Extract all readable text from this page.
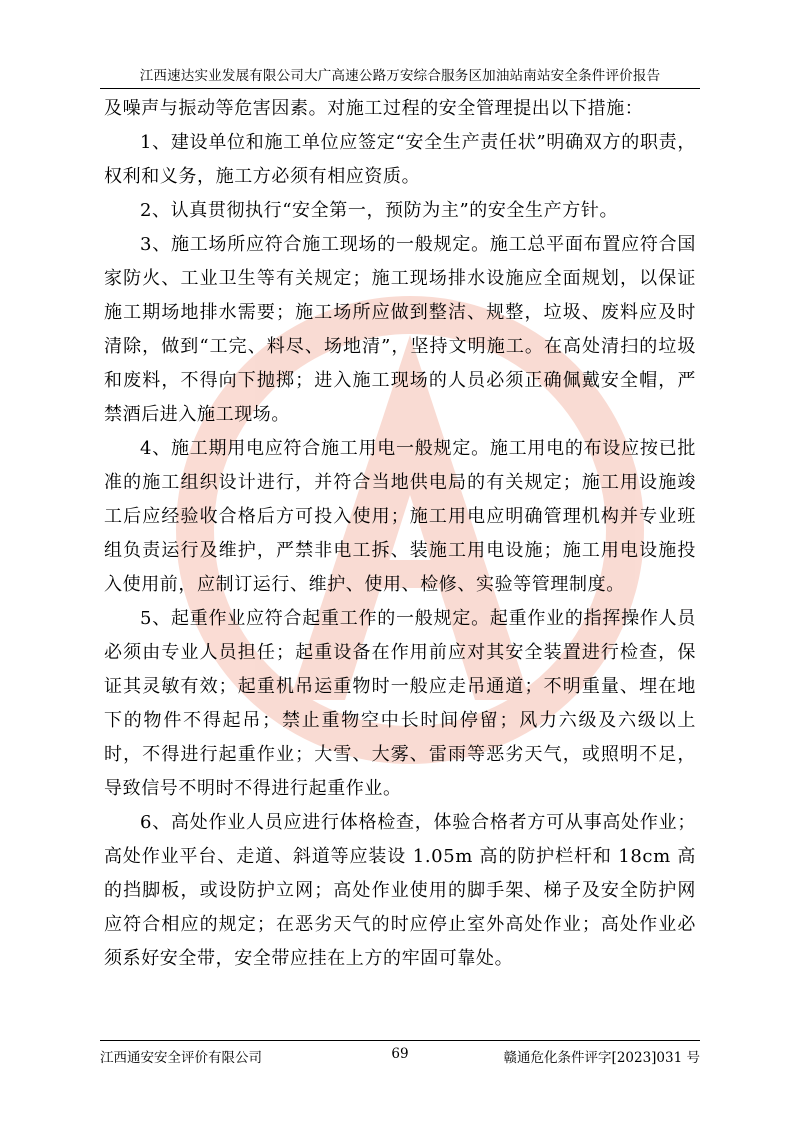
江西速达实业发展有限公司大广高速公路万安综合服务区加油站南站安全条件评价报告

及噪声与振动等危害因素。对施工过程的安全管理提出以下措施：

1、建设单位和施工单位应签定“安全生产责任状”明确双方的职责，权利和义务，施工方必须有相应资质。

2、认真贯彻执行“安全第一，预防为主”的安全生产方针。

3、施工场所应符合施工现场的一般规定。施工总平面布置应符合国家防火、工业卫生等有关规定；施工现场排水设施应全面规划，以保证施工期场地排水需要；施工场所应做到整洁、规整，垃圾、废料应及时清除，做到“工完、料尽、场地清”，坚持文明施工。在高处清扫的垃圾和废料，不得向下抛掷；进入施工现场的人员必须正确佩戴安全帽，严禁酒后进入施工现场。

4、施工期用电应符合施工用电一般规定。施工用电的布设应按已批准的施工组织设计进行，并符合当地供电局的有关规定；施工用设施竣工后应经验收合格后方可投入使用；施工用电应明确管理机构并专业班组负责运行及维护，严禁非电工拆、装施工用电设施；施工用电设施投入使用前，应制订运行、维护、使用、检修、实验等管理制度。

5、起重作业应符合起重工作的一般规定。起重作业的指挥操作人员必须由专业人员担任；起重设备在作用前应对其安全装置进行检查，保证其灵敏有效；起重机吊运重物时一般应走吊通道；不明重量、埋在地下的物件不得起吊；禁止重物空中长时间停留；风力六级及六级以上时，不得进行起重作业；大雪、大雾、雷雨等恶劣天气，或照明不足，导致信号不明时不得进行起重作业。

6、高处作业人员应进行体格检查，体验合格者方可从事高处作业；高处作业平台、走道、斜道等应装设 1.05m 高的防护栏杆和 18cm 高的挡脚板，或设防护立网；高处作业使用的脚手架、梯子及安全防护网应符合相应的规定；在恶劣天气的时应停止室外高处作业；高处作业必须系好安全带，安全带应挂在上方的牢固可靠处。

江西通安安全评价有限公司	69	赣通危化条件评字[2023]031 号
